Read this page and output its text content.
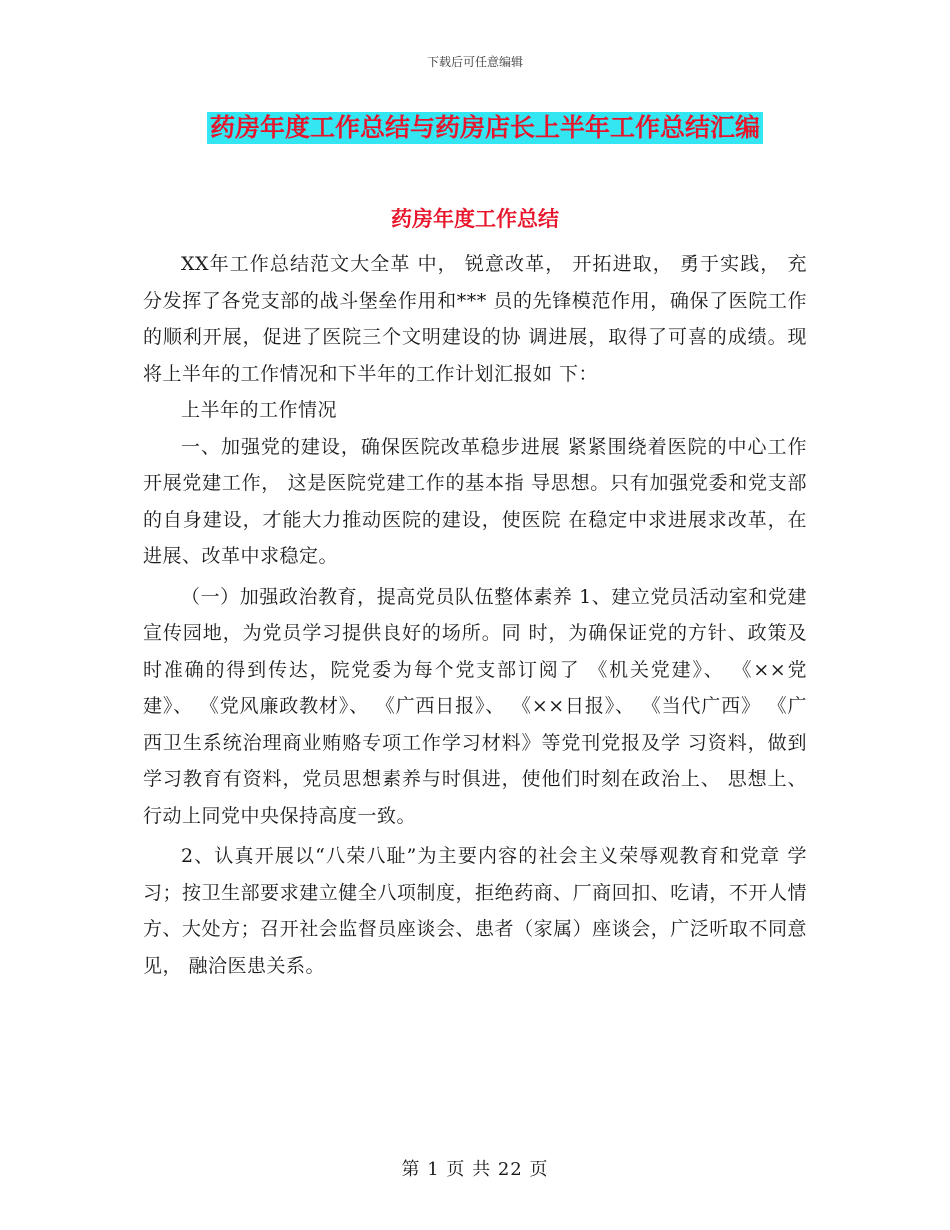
下载后可任意编辑
药房年度工作总结与药房店长上半年工作总结汇编
药房年度工作总结

XX年工作总结范文大全革 中， 锐意改革， 开拓进取， 勇于实践， 充分发挥了各党支部的战斗堡垒作用和*** 员的先锋模范作用，确保了医院工作的顺利开展，促进了医院三个文明建设的协 调进展，取得了可喜的成绩。现将上半年的工作情况和下半年的工作计划汇报如 下：

上半年的工作情况

一、加强党的建设，确保医院改革稳步进展 紧紧围绕着医院的中心工作开展党建工作， 这是医院党建工作的基本指 导思想。只有加强党委和党支部的自身建设，才能大力推动医院的建设，使医院 在稳定中求进展求改革，在进展、改革中求稳定。

（一）加强政治教育，提高党员队伍整体素养 1、建立党员活动室和党建宣传园地，为党员学习提供良好的场所。同 时，为确保证党的方针、政策及时准确的得到传达，院党委为每个党支部订阅了 《机关党建》、 《××党建》、 《党风廉政教材》、 《广西日报》、 《××日报》、 《当代广西》 《广西卫生系统治理商业贿赂专项工作学习材料》等党刊党报及学 习资料，做到学习教育有资料，党员思想素养与时俱进，使他们时刻在政治上、 思想上、行动上同党中央保持高度一致。

2、认真开展以“八荣八耻”为主要内容的社会主义荣辱观教育和党章 学习；按卫生部要求建立健全八项制度，拒绝药商、厂商回扣、吃请，不开人情 方、大处方；召开社会监督员座谈会、患者（家属）座谈会，广泛听取不同意见， 融洽医患关系。

第 1 页 共 22 页
